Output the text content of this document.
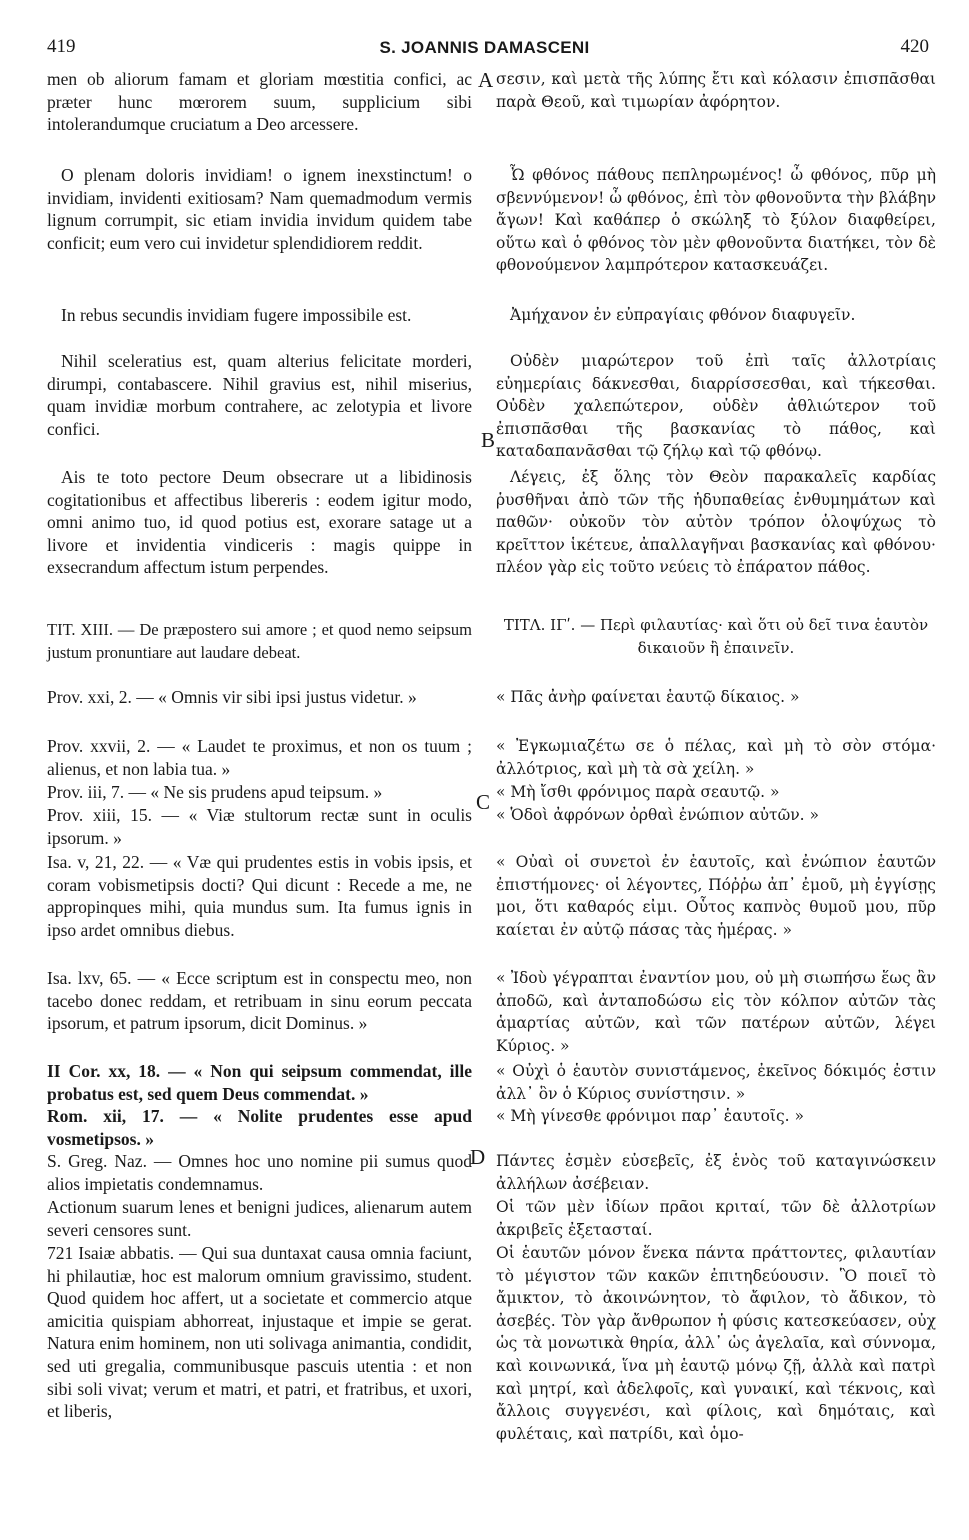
419	S. JOANNIS DAMASCENI	420
A
B
C
D

men ob aliorum famam et gloriam mœstitia confici, ac præter hunc mœrorem suum, supplicium sibi intolerandumque cruciatum a Deo arcessere.

O plenam doloris invidiam! o ignem inexstinctum! o invidiam, invidenti exitiosam? Nam quemadmodum vermis lignum corrumpit, sic etiam invidia invidum quidem tabe conficit; eum vero cui invidetur splendidiorem reddit.

In rebus secundis invidiam fugere impossibile est.

Nihil sceleratius est, quam alterius felicitate morderi, dirumpi, contabascere. Nihil gravius est, nihil miserius, quam invidiæ morbum contrahere, ac zelotypia et livore confici.

Ais te toto pectore Deum obsecrare ut a libidinosis cogitationibus et affectibus libereris : eodem igitur modo, omni animo tuo, id quod potius est, exorare satage ut a livore et invidentia vindiceris : magis quippe in exsecrandum affectum istum perpendes.

TIT. XIII. — De præpostero sui amore ; et quod nemo seipsum justum pronuntiare aut laudare debeat.

Prov. xxi, 2. — « Omnis vir sibi ipsi justus videtur. »

Prov. xxvii, 2. — « Laudet te proximus, et non os tuum ; alienus, et non labia tua. »

Prov. iii, 7. — « Ne sis prudens apud teipsum. »

Prov. xiii, 15. — « Viæ stultorum rectæ sunt in oculis ipsorum. »

Isa. v, 21, 22. — « Væ qui prudentes estis in vobis ipsis, et coram vobismetipsis docti? Qui dicunt : Recede a me, ne appropinques mihi, quia mundus sum. Ita fumus ignis in ipso ardet omnibus diebus.

Isa. lxv, 65. — « Ecce scriptum est in conspectu meo, non tacebo donec reddam, et retribuam in sinu eorum peccata ipsorum, et patrum ipsorum, dicit Dominus. »

II Cor. xx, 18. — « Non qui seipsum commendat, ille probatus est, sed quem Deus commendat. »

Rom. xii, 17. — « Nolite prudentes esse apud vosmetipsos. »

S. Greg. Naz. — Omnes hoc uno nomine pii sumus quod alios impietatis condemnamus.

Actionum suarum lenes et benigni judices, alienarum autem severi censores sunt.

721 Isaiæ abbatis. — Qui sua duntaxat causa omnia faciunt, hi philautiæ, hoc est malorum omnium gravissimo, student. Quod quidem hoc affert, ut a societate et commercio atque amicitia quispiam abhorreat, injustaque et impie se gerat. Natura enim hominem, non uti solivaga animantia, condidit, sed uti gregalia, communibusque pascuis utentia : et non sibi soli vivat; verum et matri, et patri, et fratribus, et uxori, et liberis,

σεσιν, καὶ μετὰ τῆς λύπης ἔτι καὶ κόλασιν ἐπισπᾶσθαι παρὰ Θεοῦ, καὶ τιμωρίαν ἀφόρητον.

Ὦ φθόνος πάθους πεπληρωμένος! ὦ φθόνος, πῦρ μὴ σβεννύμενον! ὦ φθόνος, ἐπὶ τὸν φθονοῦντα τὴν βλάβην ἄγων! Καὶ καθάπερ ὁ σκώληξ τὸ ξύλον διαφθείρει, οὕτω καὶ ὁ φθόνος τὸν μὲν φθονοῦντα διατήκει, τὸν δὲ φθονούμενον λαμπρότερον κατασκευάζει.

Ἀμήχανον ἐν εὐπραγίαις φθόνον διαφυγεῖν.

Οὐδὲν μιαρώτερον τοῦ ἐπὶ ταῖς ἀλλοτρίαις εὐημερίαις δάκνεσθαι, διαρρίσσεσθαι, καὶ τήκεσθαι. Οὐδὲν χαλεπώτερον, οὐδὲν ἀθλιώτερον τοῦ ἐπισπᾶσθαι τῆς βασκανίας τὸ πάθος, καὶ καταδαπανᾶσθαι τῷ ζήλῳ καὶ τῷ φθόνῳ.

Λέγεις, ἐξ ὅλης τὸν Θεὸν παρακαλεῖς καρδίας ῥυσθῆναι ἀπὸ τῶν τῆς ἡδυπαθείας ἐνθυμημάτων καὶ παθῶν· οὐκοῦν τὸν αὐτὸν τρόπον ὁλοψύχως τὸ κρεῖττον ἱκέτευε, ἀπαλλαγῆναι βασκανίας καὶ φθόνου· πλέον γὰρ εἰς τοῦτο νεύεις τὸ ἐπάρατον πάθος.

ΤΙΤΛ. ΙΓʹ. — Περὶ φιλαυτίας· καὶ ὅτι οὐ δεῖ τινα ἑαυτὸν δικαιοῦν ἢ ἐπαινεῖν.

« Πᾶς ἀνὴρ φαίνεται ἑαυτῷ δίκαιος. »

« Ἐγκωμιαζέτω σε ὁ πέλας, καὶ μὴ τὸ σὸν στόμα· ἀλλότριος, καὶ μὴ τὰ σὰ χείλη. »

« Μὴ ἴσθι φρόνιμος παρὰ σεαυτῷ. »

« Ὁδοὶ ἀφρόνων ὀρθαὶ ἐνώπιον αὐτῶν. »

« Οὐαὶ οἱ συνετοὶ ἐν ἑαυτοῖς, καὶ ἐνώπιον ἑαυτῶν ἐπιστήμονες· οἱ λέγοντες, Πόῤῥω ἀπ᾽ ἐμοῦ, μὴ ἐγγίσῃς μοι, ὅτι καθαρός εἰμι. Οὗτος καπνὸς θυμοῦ μου, πῦρ καίεται ἐν αὐτῷ πάσας τὰς ἡμέρας. »

« Ἰδοὺ γέγραπται ἐναντίον μου, οὐ μὴ σιωπήσω ἕως ἂν ἀποδῶ, καὶ ἀνταποδώσω εἰς τὸν κόλπον αὐτῶν τὰς ἁμαρτίας αὐτῶν, καὶ τῶν πατέρων αὐτῶν, λέγει Κύριος. »

« Οὐχὶ ὁ ἑαυτὸν συνιστάμενος, ἐκεῖνος δόκιμός ἐστιν ἀλλ᾽ ὃν ὁ Κύριος συνίστησιν. »

« Μὴ γίνεσθε φρόνιμοι παρ᾽ ἑαυτοῖς. »

Πάντες ἐσμὲν εὐσεβεῖς, ἐξ ἑνὸς τοῦ καταγινώσκειν ἀλλήλων ἀσέβειαν.

Οἱ τῶν μὲν ἰδίων πρᾶοι κριταί, τῶν δὲ ἀλλοτρίων ἀκριβεῖς ἐξετασταί.

Οἱ ἑαυτῶν μόνον ἕνεκα πάντα πράττοντες, φιλαυτίαν τὸ μέγιστον τῶν κακῶν ἐπιτηδεύουσιν. Ὃ ποιεῖ τὸ ἄμικτον, τὸ ἀκοινώνητον, τὸ ἄφιλον, τὸ ἄδικον, τὸ ἀσεβές. Τὸν γὰρ ἄνθρωπον ἡ φύσις κατεσκεύασεν, οὐχ ὡς τὰ μονωτικὰ θηρία, ἀλλ᾽ ὡς ἀγελαῖα, καὶ σύννομα, καὶ κοινωνικά, ἵνα μὴ ἑαυτῷ μόνῳ ζῇ, ἀλλὰ καὶ πατρὶ καὶ μητρί, καὶ ἀδελφοῖς, καὶ γυναικί, καὶ τέκνοις, καὶ ἄλλοις συγγενέσι, καὶ φίλοις, καὶ δημόταις, καὶ φυλέταις, καὶ πατρίδι, καὶ ὁμο-
